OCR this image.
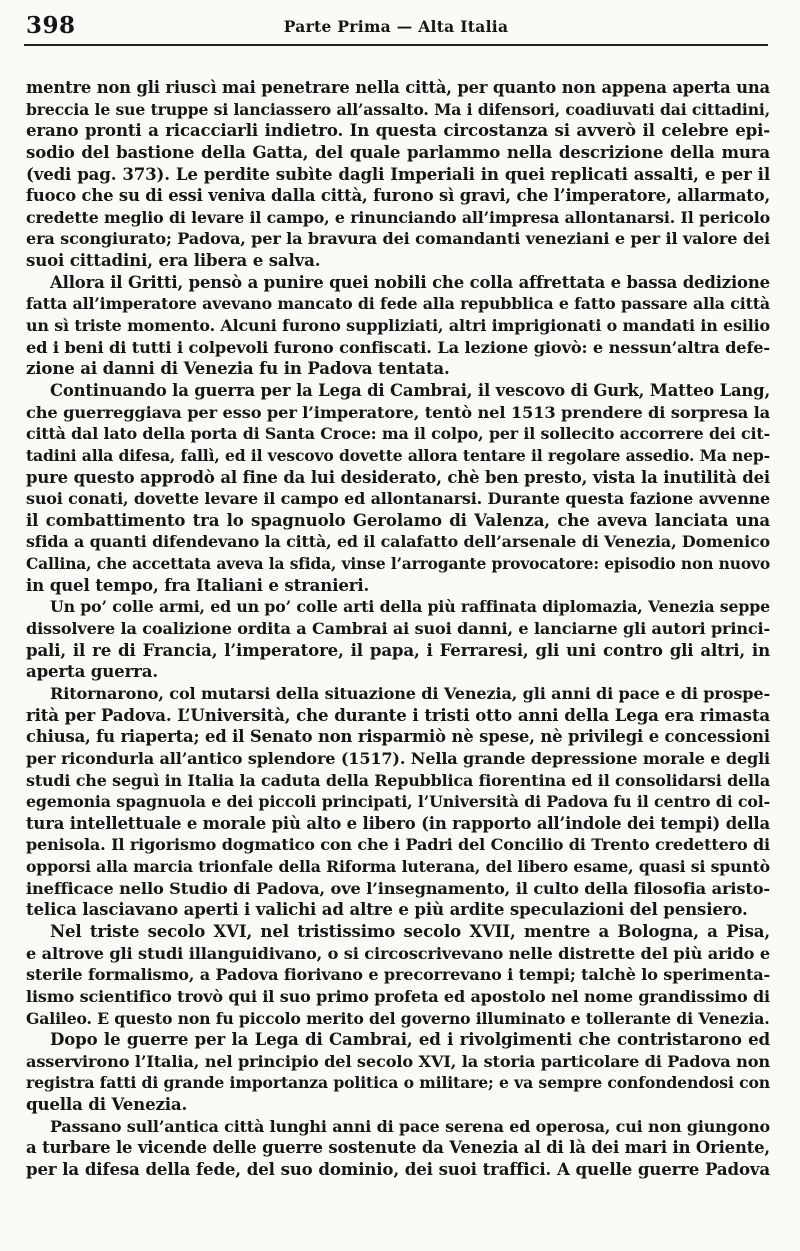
398	Parte Prima — Alta Italia
mentre non gli riuscì mai penetrare nella città, per quanto non appena aperta una
breccia le sue truppe si lanciassero all’assalto. Ma i difensori, coadiuvati dai cittadini,
erano pronti a ricacciarli indietro. In questa circostanza si avverò il celebre epi-
sodio del bastione della Gatta, del quale parlammo nella descrizione della mura
(vedi pag. 373). Le perdite subìte dagli Imperiali in quei replicati assalti, e per il
fuoco che su di essi veniva dalla città, furono sì gravi, che l’imperatore, allarmato,
credette meglio di levare il campo, e rinunciando all’impresa allontanarsi. Il pericolo
era scongiurato; Padova, per la bravura dei comandanti veneziani e per il valore dei
suoi cittadini, era libera e salva.
Allora il Gritti, pensò a punire quei nobili che colla affrettata e bassa dedizione
fatta all’imperatore avevano mancato di fede alla repubblica e fatto passare alla città
un sì triste momento. Alcuni furono suppliziati, altri imprigionati o mandati in esilio
ed i beni di tutti i colpevoli furono confiscati. La lezione giovò: e nessun’altra defe-
zione ai danni di Venezia fu in Padova tentata.
Continuando la guerra per la Lega di Cambrai, il vescovo di Gurk, Matteo Lang,
che guerreggiava per esso per l’imperatore, tentò nel 1513 prendere di sorpresa la
città dal lato della porta di Santa Croce: ma il colpo, per il sollecito accorrere dei cit-
tadini alla difesa, fallì, ed il vescovo dovette allora tentare il regolare assedio. Ma nep-
pure questo approdò al fine da lui desiderato, chè ben presto, vista la inutilità dei
suoi conati, dovette levare il campo ed allontanarsi. Durante questa fazione avvenne
il combattimento tra lo spagnuolo Gerolamo di Valenza, che aveva lanciata una
sfida a quanti difendevano la città, ed il calafatto dell’arsenale di Venezia, Domenico
Callina, che accettata aveva la sfida, vinse l’arrogante provocatore: episodio non nuovo
in quel tempo, fra Italiani e stranieri.
Un po’ colle armi, ed un po’ colle arti della più raffinata diplomazia, Venezia seppe
dissolvere la coalizione ordita a Cambrai ai suoi danni, e lanciarne gli autori princi-
pali, il re di Francia, l’imperatore, il papa, i Ferraresi, gli uni contro gli altri, in
aperta guerra.
Ritornarono, col mutarsi della situazione di Venezia, gli anni di pace e di prospe-
rità per Padova. L’Università, che durante i tristi otto anni della Lega era rimasta
chiusa, fu riaperta; ed il Senato non risparmiò nè spese, nè privilegi e concessioni
per ricondurla all’antico splendore (1517). Nella grande depressione morale e degli
studi che seguì in Italia la caduta della Repubblica fiorentina ed il consolidarsi della
egemonia spagnuola e dei piccoli principati, l’Università di Padova fu il centro di col-
tura intellettuale e morale più alto e libero (in rapporto all’indole dei tempi) della
penisola. Il rigorismo dogmatico con che i Padri del Concilio di Trento credettero di
opporsi alla marcia trionfale della Riforma luterana, del libero esame, quasi si spuntò
inefficace nello Studio di Padova, ove l’insegnamento, il culto della filosofia aristo-
telica lasciavano aperti i valichi ad altre e più ardite speculazioni del pensiero.
Nel triste secolo XVI, nel tristissimo secolo XVII, mentre a Bologna, a Pisa,
e altrove gli studi illanguidivano, o si circoscrivevano nelle distrette del più arido e
sterile formalismo, a Padova fiorivano e precorrevano i tempi; talchè lo sperimenta-
lismo scientifico trovò qui il suo primo profeta ed apostolo nel nome grandissimo di
Galileo. E questo non fu piccolo merito del governo illuminato e tollerante di Venezia.
Dopo le guerre per la Lega di Cambrai, ed i rivolgimenti che contristarono ed
asservirono l’Italia, nel principio del secolo XVI, la storia particolare di Padova non
registra fatti di grande importanza politica o militare; e va sempre confondendosi con
quella di Venezia.
Passano sull’antica città lunghi anni di pace serena ed operosa, cui non giungono
a turbare le vicende delle guerre sostenute da Venezia al di là dei mari in Oriente,
per la difesa della fede, del suo dominio, dei suoi traffici. A quelle guerre Padova
